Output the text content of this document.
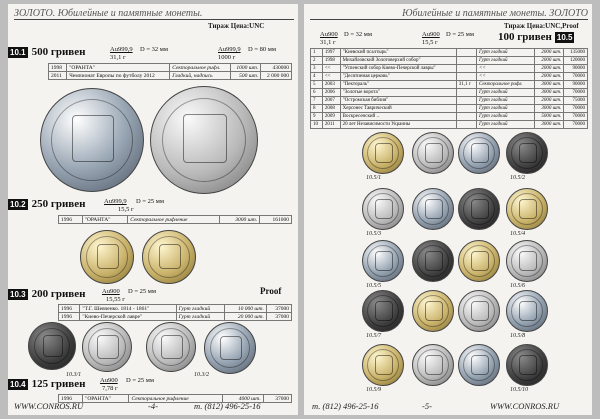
ЗОЛОТО. Юбилейные и памятные монеты.
Тираж Цена:UNC
10.1 500 гривен	Au999,9 D = 32 мм
31,1 г
Au999,9 D = 80 мм
1000 г
1998	"ОРАНТА"	Секторальное рифл.	1000 шт.	430000
2011	Чемпионат Европы по футболу 2012	Гладкий, надпись	500 шт.	2 000 000
10.2 250 гривен	Au999,9 D = 25 мм
15,5 г
1996	"ОРАНТА"	Секторальное рифление	3000 шт.	161000
10.3 200 гривен	Au900 D = 25 мм
15,55 г
Proof
1996	"Т.Г. Шевченко. 1814 - 1861"	Гурт гладкий	10 000 шт.	37000
1996	"Киево-Печерской лавре"	Гурт гладкий	20 000 шт.	37000
10.3/1	10.3/2
10.4 125 гривен Au900 D = 25 мм
7,78 г
1996	"ОРАНТА"	Секторальное рифление	4000 шт.	37000
WWW.CONROS.RU	-4-	т. (812) 496-25-16
Юбилейные и памятные монеты. ЗОЛОТО
Тираж Цена:UNC,Proof
Au900 D = 32 мм
31,1 г
Au900 D = 25 мм
15,5 г	100 гривен 10.5
1	1997	"Киевский псалтырь"		Гурт гладкий	2000 шт.	135000
2	1998	Михайловский Золотоверхий собор"		Гурт гладкий	2000 шт.	120000
3	<<	"Успенский собор Киево-Печерской лавры"		<<	2000 шт.	90000
4	<<	"Десятинная церковь"		<<	2000 шт.	70000
5	2003	"Пектораль"	31,1 г	Секторальное рифл.	3000 шт.	90000
6	2006	"Золотые ворота"		Гурт гладкий	3000 шт.	70000
7	2007	"Остромская библия"		Гурт гладкий	2000 шт.	75000
8	2008	Херсонес Таврический		Гурт гладкий	3000 шт.	70000
9	2009	Воскресенский ..		Гурт гладкий	5000 шт.	70000
10	2011	20 лет Независимости Украины		Гурт гладкий	3000 шт.	70000
т. (812) 496-25-16	-5-	WWW.CONROS.RU
10.5/1	10.5/2
10.5/3	10.5/4
10.5/5	10.5/6
10.5/7	10.5/8
10.5/9	10.5/10
